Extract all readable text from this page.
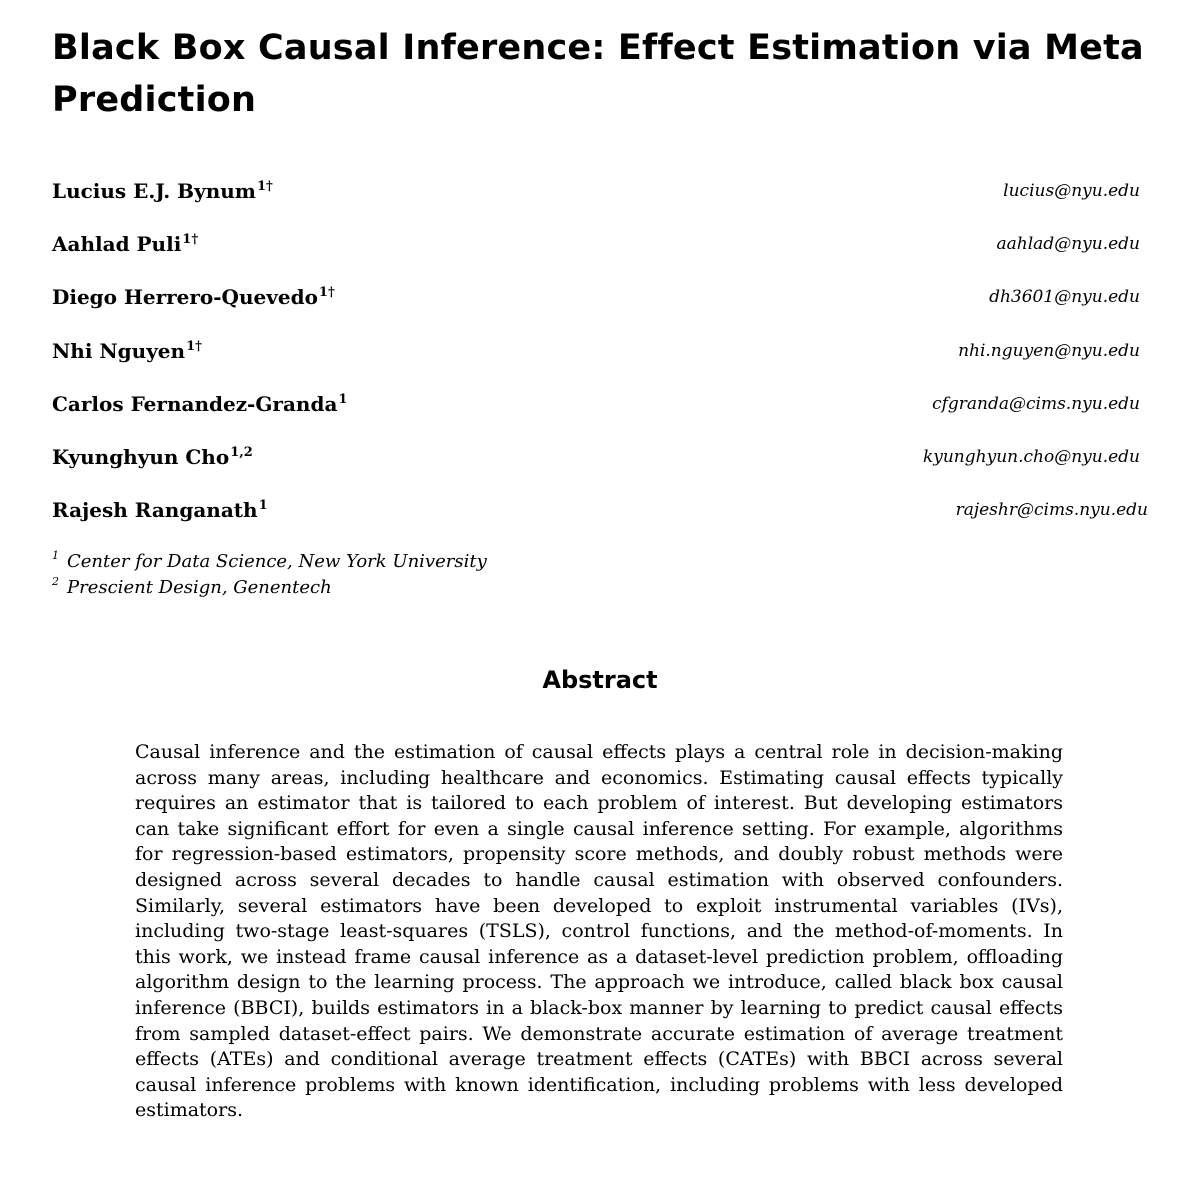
Black Box Causal Inference: Effect Estimation via Meta Prediction
Lucius E.J. Bynum$^{1\dagger}$	lucius@nyu.edu
Aahlad Puli$^{1\dagger}$	aahlad@nyu.edu
Diego Herrero-Quevedo$^{1\dagger}$	dh3601@nyu.edu
Nhi Nguyen$^{1\dagger}$	nhi.nguyen@nyu.edu
Carlos Fernandez-Granda$^1$	cfgranda@cims.nyu.edu
Kyunghyun Cho$^{1,2}$	kyunghyun.cho@nyu.edu
Rajesh Ranganath$^1$	rajeshr@cims.nyu.edu
$^1$ Center for Data Science, New York University
$^2$ Prescient Design, Genentech
Abstract

Causal inference and the estimation of causal effects plays a central role in decision-making across many areas, including healthcare and economics. Estimating causal effects typically requires an estimator that is tailored to each problem of interest. But developing estimators can take significant effort for even a single causal inference setting. For example, algorithms for regression-based estimators, propensity score methods, and doubly robust methods were designed across several decades to handle causal estimation with observed confounders. Similarly, several estimators have been developed to exploit instrumental variables (IVs), including two-stage least-squares (TSLS), control functions, and the method-of-moments. In this work, we instead frame causal inference as a dataset-level prediction problem, offloading algorithm design to the learning process. The approach we introduce, called black box causal inference (BBCI), builds estimators in a black-box manner by learning to predict causal effects from sampled dataset-effect pairs. We demonstrate accurate estimation of average treatment effects (ATEs) and conditional average treatment effects (CATEs) with BBCI across several causal inference problems with known identification, including problems with less developed estimators.
